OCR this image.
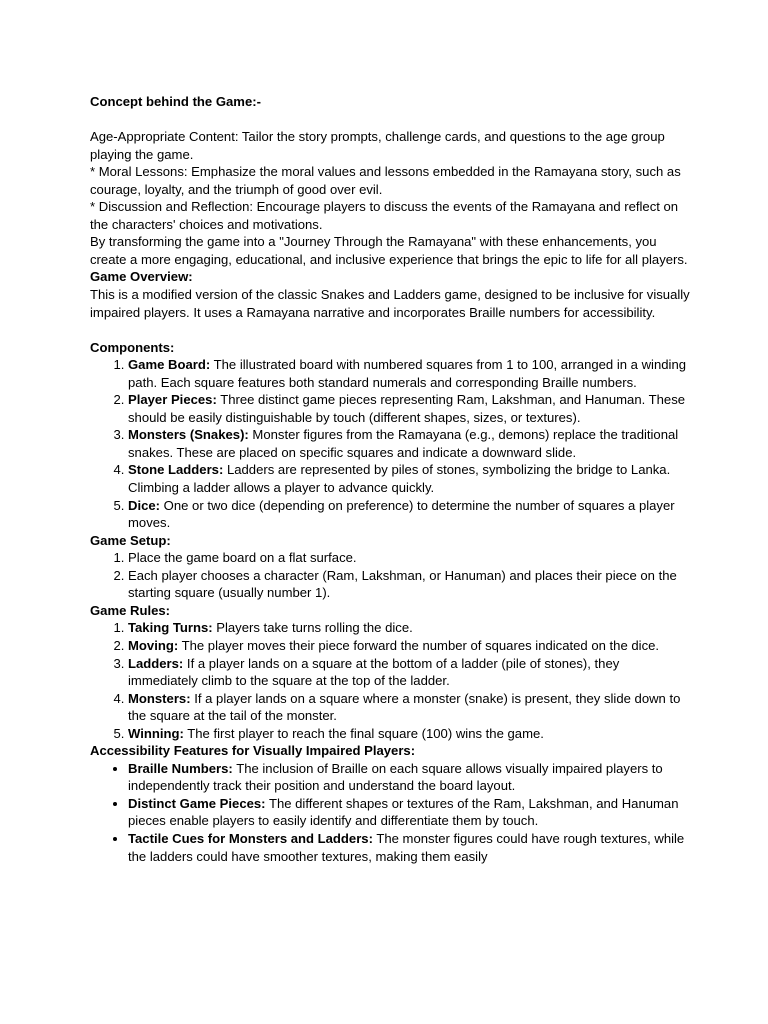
Concept behind the Game:-

Age-Appropriate Content: Tailor the story prompts, challenge cards, and questions to the age group playing the game.

* Moral Lessons: Emphasize the moral values and lessons embedded in the Ramayana story, such as courage, loyalty, and the triumph of good over evil.

* Discussion and Reflection: Encourage players to discuss the events of the Ramayana and reflect on the characters' choices and motivations.

By transforming the game into a "Journey Through the Ramayana" with these enhancements, you create a more engaging, educational, and inclusive experience that brings the epic to life for all players.

Game Overview:

This is a modified version of the classic Snakes and Ladders game, designed to be inclusive for visually impaired players. It uses a Ramayana narrative and incorporates Braille numbers for accessibility.

Components:

1. Game Board: The illustrated board with numbered squares from 1 to 100, arranged in a winding path. Each square features both standard numerals and corresponding Braille numbers.
2. Player Pieces: Three distinct game pieces representing Ram, Lakshman, and Hanuman. These should be easily distinguishable by touch (different shapes, sizes, or textures).
3. Monsters (Snakes): Monster figures from the Ramayana (e.g., demons) replace the traditional snakes. These are placed on specific squares and indicate a downward slide.
4. Stone Ladders: Ladders are represented by piles of stones, symbolizing the bridge to Lanka. Climbing a ladder allows a player to advance quickly.
5. Dice: One or two dice (depending on preference) to determine the number of squares a player moves.

Game Setup:

1. Place the game board on a flat surface.
2. Each player chooses a character (Ram, Lakshman, or Hanuman) and places their piece on the starting square (usually number 1).

Game Rules:

1. Taking Turns: Players take turns rolling the dice.
2. Moving: The player moves their piece forward the number of squares indicated on the dice.
3. Ladders: If a player lands on a square at the bottom of a ladder (pile of stones), they immediately climb to the square at the top of the ladder.
4. Monsters: If a player lands on a square where a monster (snake) is present, they slide down to the square at the tail of the monster.
5. Winning: The first player to reach the final square (100) wins the game.

Accessibility Features for Visually Impaired Players:

• Braille Numbers: The inclusion of Braille on each square allows visually impaired players to independently track their position and understand the board layout.
• Distinct Game Pieces: The different shapes or textures of the Ram, Lakshman, and Hanuman pieces enable players to easily identify and differentiate them by touch.
• Tactile Cues for Monsters and Ladders: The monster figures could have rough textures, while the ladders could have smoother textures, making them easily
